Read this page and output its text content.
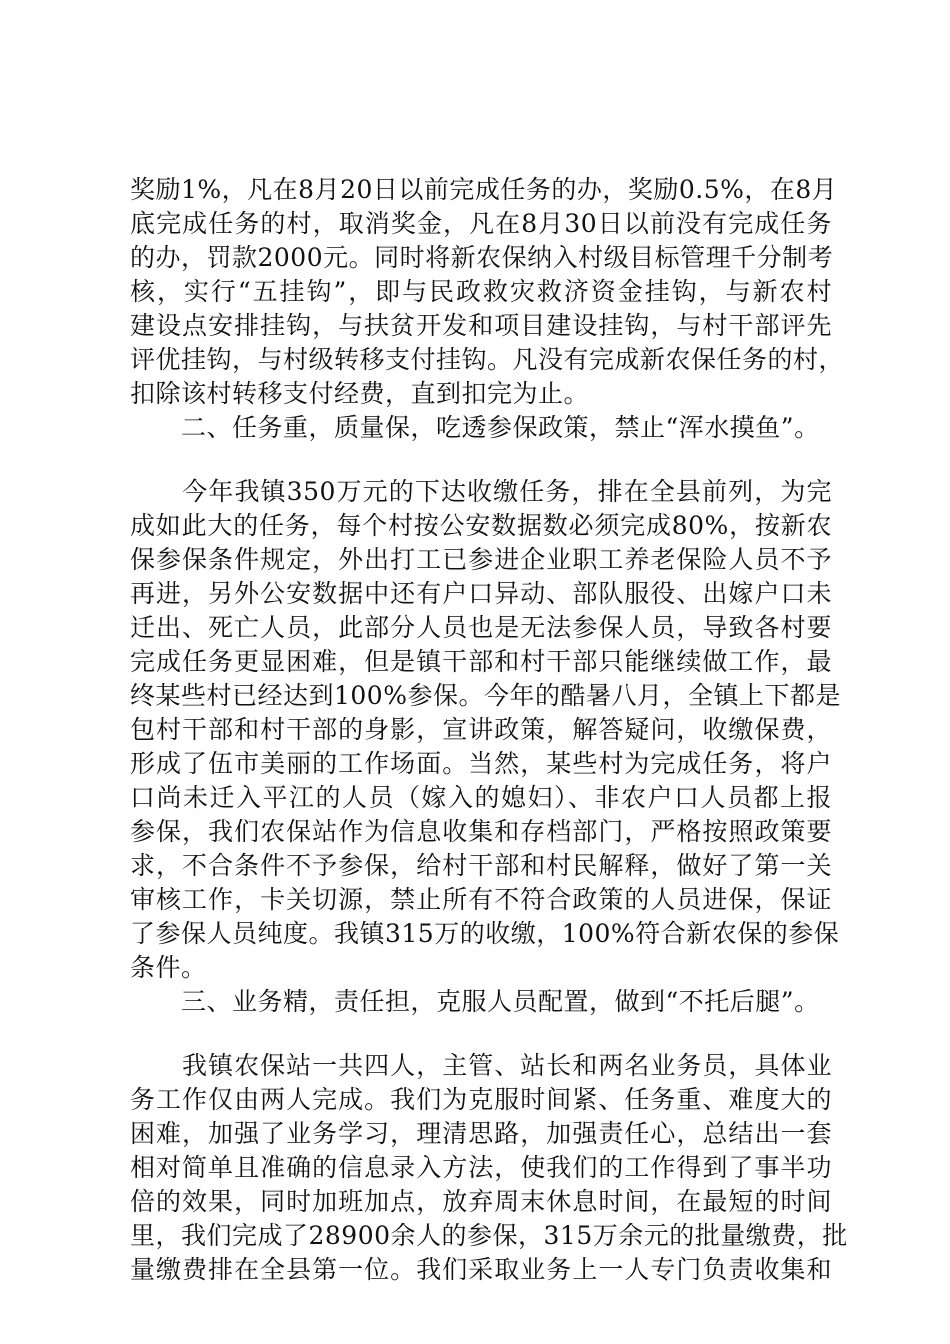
奖励1%，凡在8月20日以前完成任务的办，奖励0.5%，在8月
底完成任务的村，取消奖金，凡在8月30日以前没有完成任务
的办，罚款2000元。同时将新农保纳入村级目标管理千分制考
核，实行“五挂钩”，即与民政救灾救济资金挂钩，与新农村
建设点安排挂钩，与扶贫开发和项目建设挂钩，与村干部评先
评优挂钩，与村级转移支付挂钩。凡没有完成新农保任务的村，
扣除该村转移支付经费，直到扣完为止。
　　二、任务重，质量保，吃透参保政策，禁止“浑水摸鱼”。
　　今年我镇350万元的下达收缴任务，排在全县前列，为完
成如此大的任务，每个村按公安数据数必须完成80%，按新农
保参保条件规定，外出打工已参进企业职工养老保险人员不予
再进，另外公安数据中还有户口异动、部队服役、出嫁户口未
迁出、死亡人员，此部分人员也是无法参保人员，导致各村要
完成任务更显困难，但是镇干部和村干部只能继续做工作，最
终某些村已经达到100%参保。今年的酷暑八月，全镇上下都是
包村干部和村干部的身影，宣讲政策，解答疑问，收缴保费，
形成了伍市美丽的工作场面。当然，某些村为完成任务，将户
口尚未迁入平江的人员（嫁入的媳妇）、非农户口人员都上报
参保，我们农保站作为信息收集和存档部门，严格按照政策要
求，不合条件不予参保，给村干部和村民解释，做好了第一关
审核工作，卡关切源，禁止所有不符合政策的人员进保，保证
了参保人员纯度。我镇315万的收缴，100%符合新农保的参保
条件。
　　三、业务精，责任担，克服人员配置，做到“不托后腿”。
　　我镇农保站一共四人，主管、站长和两名业务员，具体业
务工作仅由两人完成。我们为克服时间紧、任务重、难度大的
困难，加强了业务学习，理清思路，加强责任心，总结出一套
相对简单且准确的信息录入方法，使我们的工作得到了事半功
倍的效果，同时加班加点，放弃周末休息时间，在最短的时间
里，我们完成了28900余人的参保，315万余元的批量缴费，批
量缴费排在全县第一位。我们采取业务上一人专门负责收集和
